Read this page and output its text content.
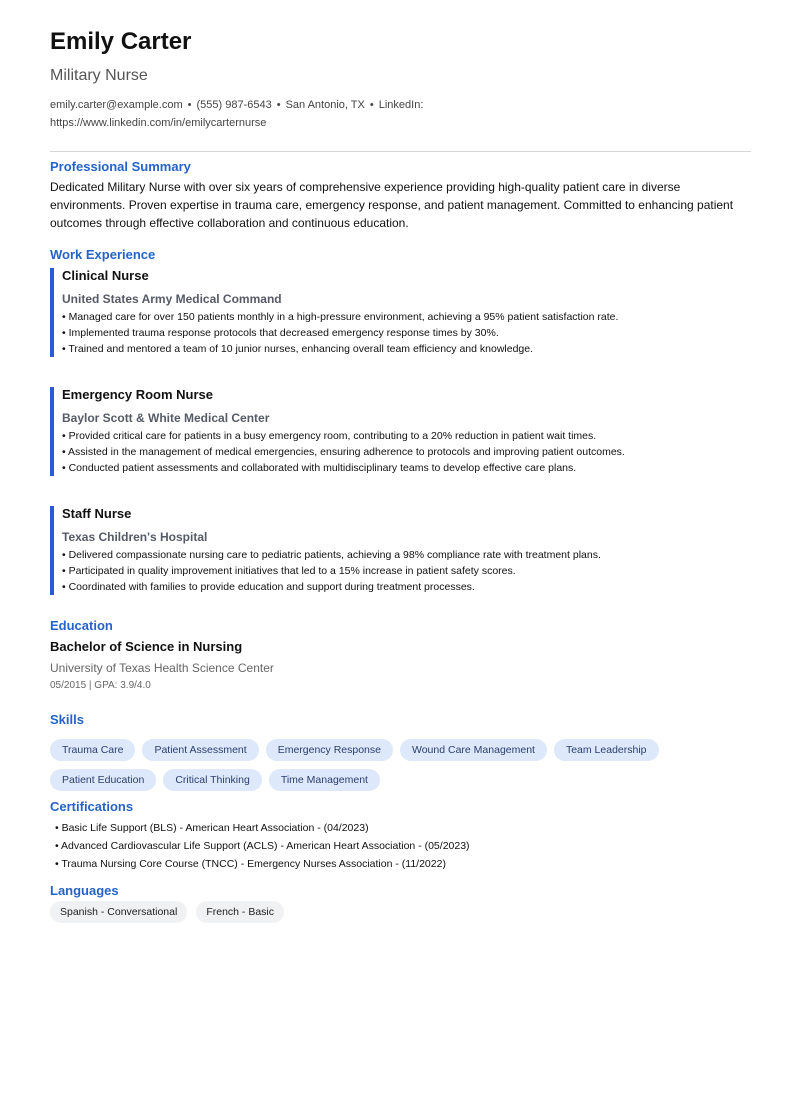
Emily Carter
Military Nurse
emily.carter@example.com • (555) 987-6543 • San Antonio, TX • LinkedIn:
https://www.linkedin.com/in/emilycarternurse
Professional Summary
Dedicated Military Nurse with over six years of comprehensive experience providing high-quality patient care in diverse environments. Proven expertise in trauma care, emergency response, and patient management. Committed to enhancing patient outcomes through effective collaboration and continuous education.
Work Experience
Clinical Nurse
United States Army Medical Command
• Managed care for over 150 patients monthly in a high-pressure environment, achieving a 95% patient satisfaction rate.
• Implemented trauma response protocols that decreased emergency response times by 30%.
• Trained and mentored a team of 10 junior nurses, enhancing overall team efficiency and knowledge.
Emergency Room Nurse
Baylor Scott & White Medical Center
• Provided critical care for patients in a busy emergency room, contributing to a 20% reduction in patient wait times.
• Assisted in the management of medical emergencies, ensuring adherence to protocols and improving patient outcomes.
• Conducted patient assessments and collaborated with multidisciplinary teams to develop effective care plans.
Staff Nurse
Texas Children's Hospital
• Delivered compassionate nursing care to pediatric patients, achieving a 98% compliance rate with treatment plans.
• Participated in quality improvement initiatives that led to a 15% increase in patient safety scores.
• Coordinated with families to provide education and support during treatment processes.
Education
Bachelor of Science in Nursing
University of Texas Health Science Center
05/2015 | GPA: 3.9/4.0
Skills
Trauma Care	Patient Assessment	Emergency Response	Wound Care Management	Team Leadership
Patient Education	Critical Thinking	Time Management
Certifications
• Basic Life Support (BLS) - American Heart Association - (04/2023)
• Advanced Cardiovascular Life Support (ACLS) - American Heart Association - (05/2023)
• Trauma Nursing Core Course (TNCC) - Emergency Nurses Association - (11/2022)
Languages
Spanish - Conversational	French - Basic
